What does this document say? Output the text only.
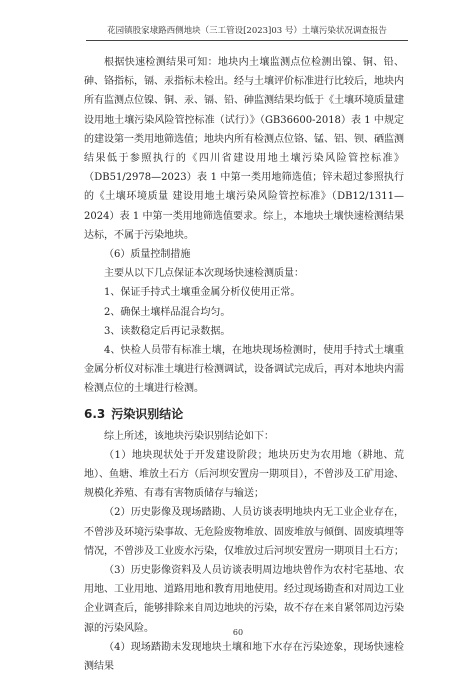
花园镇股家埭路西侧地块（三工管设[2023]03 号）土壤污染状况调查报告

根据快速检测结果可知：地块内土壤监测点位检测出镍、铜、铅、砷、铬指标，镉、汞指标未检出。经与土壤评价标准进行比较后，地块内所有监测点位镍、铜、汞、镉、铅、砷监测结果均低于《土壤环境质量建设用地土壤污染风险管控标准（试行）》（GB36600-2018）表 1 中规定的建设第一类用地筛选值；地块内所有检测点位铬、锰、铝、钡、硒监测结果低于参照执行的《四川省建设用地土壤污染风险管控标准》（DB51/2978—2023）表 1 中第一类用地筛选值；锌未超过参照执行的《土壤环境质量 建设用地土壤污染风险管控标准》（DB12/1311—2024）表 1 中第一类用地筛选值要求。综上，本地块土壤快速检测结果达标，不属于污染地块。

（6）质量控制措施

主要从以下几点保证本次现场快速检测质量：

1、保证手持式土壤重金属分析仪使用正常。

2、确保土壤样品混合均匀。

3、读数稳定后再记录数据。

4、快检人员带有标准土壤，在地块现场检测时，使用手持式土壤重金属分析仪对标准土壤进行检测调试，设备调试完成后，再对本地块内需检测点位的土壤进行检测。

6.3 污染识别结论

综上所述，该地块污染识别结论如下：

（1）地块现状处于开发建设阶段；地块历史为农用地（耕地、荒地）、鱼塘、堆放土石方（后河坝安置房一期项目），不曾涉及工矿用途、规模化养殖、有毒有害物质储存与输送；

（2）历史影像及现场踏勘、人员访谈表明地块内无工业企业存在，不曾涉及环境污染事故、无危险废物堆放、固废堆放与倾倒、固废填埋等情况，不曾涉及工业废水污染，仅堆放过后河坝安置房一期项目土石方；

（3）历史影像资料及人员访谈表明周边地块曾作为农村宅基地、农用地、工业用地、道路用地和教育用地使用。经过现场勘查和对周边工业企业调查后，能够排除来自周边地块的污染，故不存在来自紧邻周边污染源的污染风险。

（4）现场踏勘未发现地块土壤和地下水存在污染迹象，现场快速检测结果

60
